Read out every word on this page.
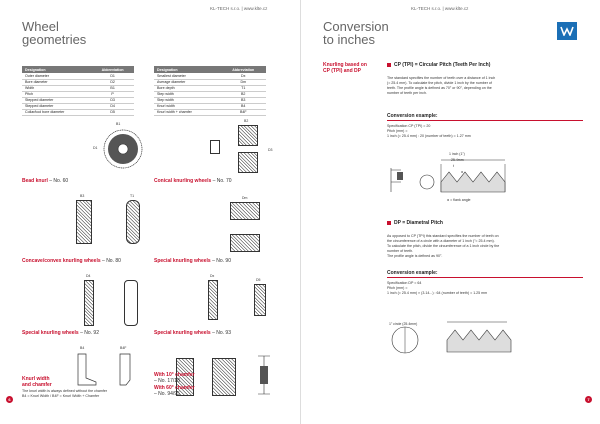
KL-TECH s.r.o. | www.klte.cz
Wheel
geometries
Designation	Abbreviation
Outer diameter	D1
Bore diameter	D2
Width	B1
Pitch	P
Stepped diameter	D3
Stepped diameter	D4
Collar/tool bore diameter	D5
Designation	Abbreviation
Smallest diameter	Dx
Average diameter	Dm
Bore depth	T1
Step width	B2
Step width	B3
Knurl width	B4
Knurl width + chamfer	B4F
B1
D1
B2
D3
Bead knurl – No. 60	Conical knurling wheels – No. 70
B3	T1
Concave/convex knurling wheels – No. 80
Dm
Special knurling wheels – No. 90
D4
Special knurling wheels – No. 92
D5
Dx
Special knurling wheels – No. 93
Knurl width
and chamfer
The knurl width is always defined without the chamfer
B4 = Knurl Width / B4F = Knurl Width + Chamfer
B4	B4F
With 10° chamfer
– No. 17/18
With 60° chamfer
– No. 94/95
6
KL-TECH s.r.o. | www.klte.cz
Conversion
to inches
Knurling based on
CP (TPI) and DP
CP (TPI) = Circular Pitch (Teeth Per Inch)
The standard specifies the number of teeth over a distance of 1 inch
(= 25.4 mm). To calculate the pitch, divide 1 inch by the number of
teeth. The profile angle is defined as 70° or 90°, depending on the
number of teeth per inch.
Conversion example:
Specification CP (TPI) = 20
Pitch (mm) =
1 inch (= 25.4 mm) : 20 (number of teeth) = 1.27 mm
1 inch (1")
25.4mm
t
α
α = flank angle
DP = Diametral Pitch
As opposed to CP (TPI) this standard specifies the number of teeth on
the circumference of a circle with a diameter of 1 inch ("= 25.4 mm).
To calculate the pitch, divide the circumference of a 1 inch circle by the
number of teeth.
The profile angle is defined as 90°.
Conversion example:
Specification DP = 64
Pitch (mm) =
1 inch (= 25.4 mm) × (3.14...) : 64 (number of teeth) = 1.25 mm
1" circle (25.4mm)
7
